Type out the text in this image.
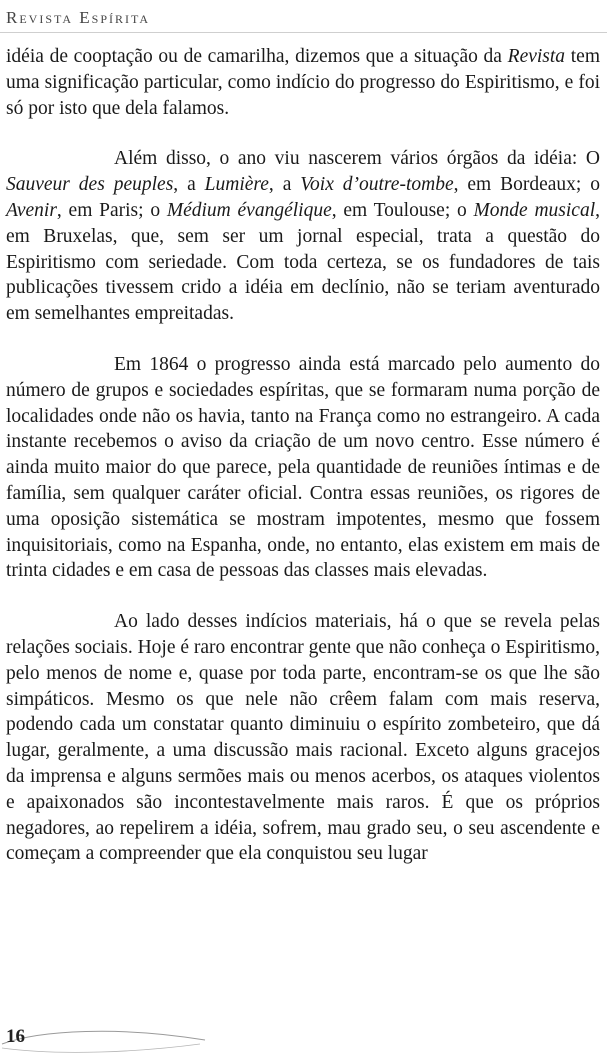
Revista Espírita

idéia de cooptação ou de camarilha, dizemos que a situação da Revista tem uma significação particular, como indício do progresso do Espiritismo, e foi só por isto que dela falamos.

Além disso, o ano viu nascerem vários órgãos da idéia: O Sauveur des peuples, a Lumière, a Voix d’outre-tombe, em Bordeaux; o Avenir, em Paris; o Médium évangélique, em Toulouse; o Monde musical, em Bruxelas, que, sem ser um jornal especial, trata a questão do Espiritismo com seriedade. Com toda certeza, se os fundadores de tais publicações tivessem crido a idéia em declínio, não se teriam aventurado em semelhantes empreitadas.

Em 1864 o progresso ainda está marcado pelo aumento do número de grupos e sociedades espíritas, que se formaram numa porção de localidades onde não os havia, tanto na França como no estrangeiro. A cada instante recebemos o aviso da criação de um novo centro. Esse número é ainda muito maior do que parece, pela quantidade de reuniões íntimas e de família, sem qualquer caráter oficial. Contra essas reuniões, os rigores de uma oposição sistemática se mostram impotentes, mesmo que fossem inquisitoriais, como na Espanha, onde, no entanto, elas existem em mais de trinta cidades e em casa de pessoas das classes mais elevadas.

Ao lado desses indícios materiais, há o que se revela pelas relações sociais. Hoje é raro encontrar gente que não conheça o Espiritismo, pelo menos de nome e, quase por toda parte, encontram-se os que lhe são simpáticos. Mesmo os que nele não crêem falam com mais reserva, podendo cada um constatar quanto diminuiu o espírito zombeteiro, que dá lugar, geralmente, a uma discussão mais racional. Exceto alguns gracejos da imprensa e alguns sermões mais ou menos acerbos, os ataques violentos e apaixonados são incontestavelmente mais raros. É que os próprios negadores, ao repelirem a idéia, sofrem, mau grado seu, o seu ascendente e começam a compreender que ela conquistou seu lugar

16
